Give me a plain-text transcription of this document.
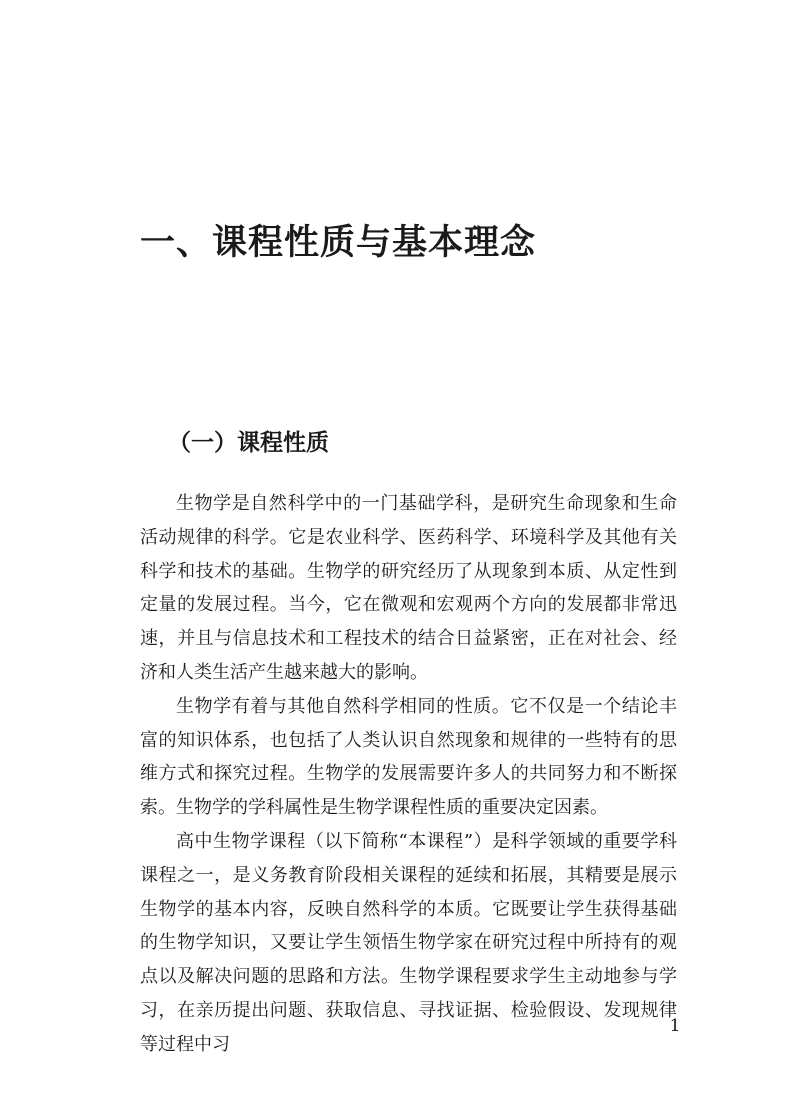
一、课程性质与基本理念
（一）课程性质

生物学是自然科学中的一门基础学科，是研究生命现象和生命活动规律的科学。它是农业科学、医药科学、环境科学及其他有关科学和技术的基础。生物学的研究经历了从现象到本质、从定性到定量的发展过程。当今，它在微观和宏观两个方向的发展都非常迅速，并且与信息技术和工程技术的结合日益紧密，正在对社会、经济和人类生活产生越来越大的影响。

生物学有着与其他自然科学相同的性质。它不仅是一个结论丰富的知识体系，也包括了人类认识自然现象和规律的一些特有的思维方式和探究过程。生物学的发展需要许多人的共同努力和不断探索。生物学的学科属性是生物学课程性质的重要决定因素。

高中生物学课程（以下简称“本课程”）是科学领域的重要学科课程之一，是义务教育阶段相关课程的延续和拓展，其精要是展示生物学的基本内容，反映自然科学的本质。它既要让学生获得基础的生物学知识，又要让学生领悟生物学家在研究过程中所持有的观点以及解决问题的思路和方法。生物学课程要求学生主动地参与学习，在亲历提出问题、获取信息、寻找证据、检验假设、发现规律等过程中习

1
